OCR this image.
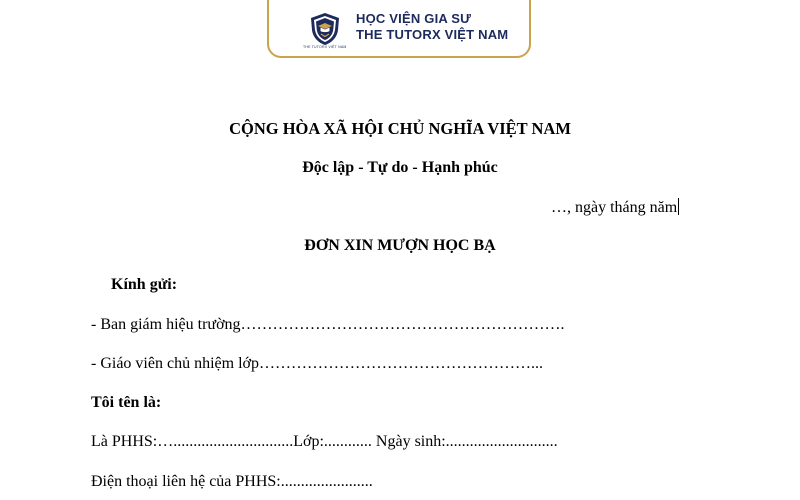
THE TUTORX VIỆT NAM
HỌC VIỆN GIA SƯ
THE TUTORX VIỆT NAM
CỘNG HÒA XÃ HỘI CHỦ NGHĨA VIỆT NAM
Độc lập - Tự do - Hạnh phúc
…, ngày tháng năm
ĐƠN XIN MƯỢN HỌC BẠ
Kính gửi:
- Ban giám hiệu trường…………………………………………………….
- Giáo viên chủ nhiệm lớp……………………………………………...
Tôi tên là:
Là PHHS:…..............................Lớp:............ Ngày sinh:............................
Điện thoại liên hệ của PHHS:.......................
